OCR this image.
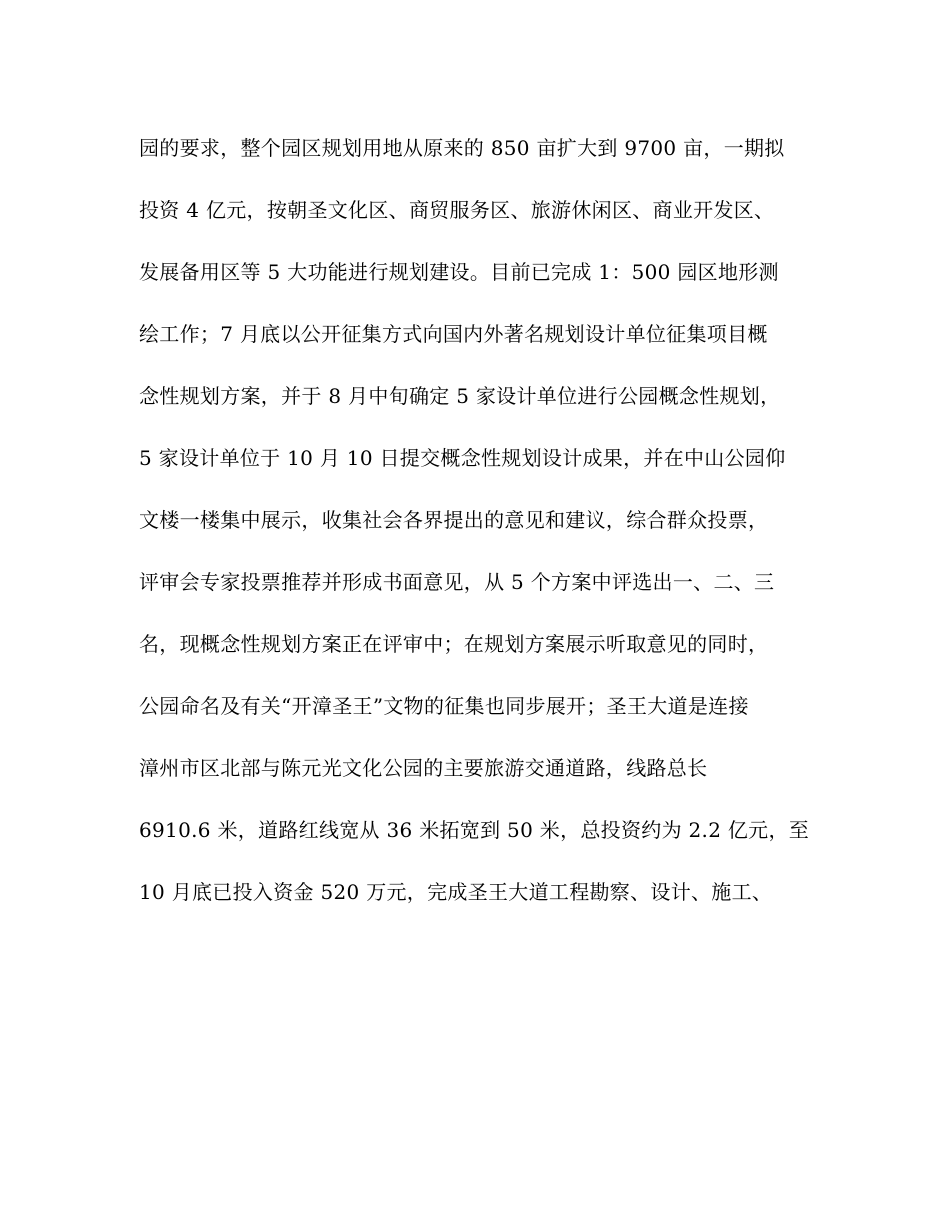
园的要求，整个园区规划用地从原来的 850 亩扩大到 9700 亩，一期拟
投资 4 亿元，按朝圣文化区、商贸服务区、旅游休闲区、商业开发区、
发展备用区等 5 大功能进行规划建设。目前已完成 1：500 园区地形测
绘工作；7 月底以公开征集方式向国内外著名规划设计单位征集项目概
念性规划方案，并于 8 月中旬确定 5 家设计单位进行公园概念性规划，
5 家设计单位于 10 月 10 日提交概念性规划设计成果，并在中山公园仰
文楼一楼集中展示，收集社会各界提出的意见和建议，综合群众投票，
评审会专家投票推荐并形成书面意见，从 5 个方案中评选出一、二、三
名，现概念性规划方案正在评审中；在规划方案展示听取意见的同时，
公园命名及有关“开漳圣王”文物的征集也同步展开；圣王大道是连接
漳州市区北部与陈元光文化公园的主要旅游交通道路，线路总长
6910.6 米，道路红线宽从 36 米拓宽到 50 米，总投资约为 2.2 亿元，至
10 月底已投入资金 520 万元，完成圣王大道工程勘察、设计、施工、
